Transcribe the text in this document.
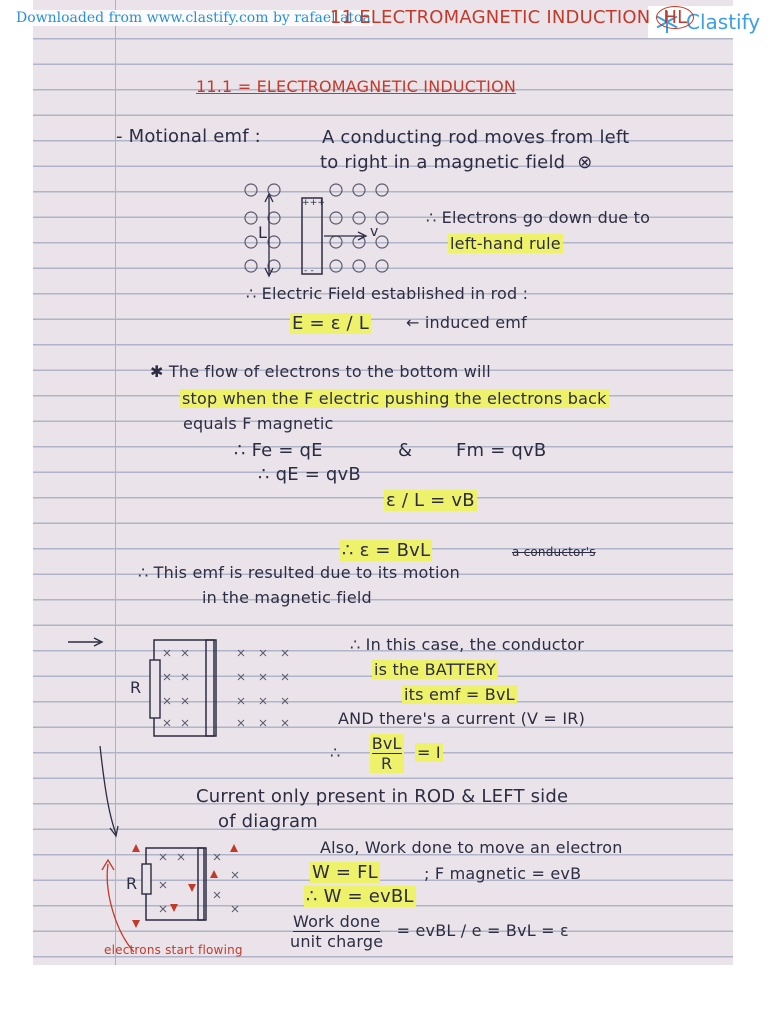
Downloaded from www.clastify.com by rafael atoa	Clastify
11 ELECTROMAGNETIC INDUCTION HL
11.1 = ELECTROMAGNETIC INDUCTION
- Motional emf :	A conducting rod moves from left
to right in a magnetic field ⊗
L	v
+++
- -
∴ Electrons go down due to
left-hand rule
∴ Electric Field established in rod :
E = ε / L ← induced emf
✱ The flow of electrons to the bottom will
stop when the F electric pushing the electrons back
equals F magnetic
∴ Fe = qE	& Fm = qvB
∴ qE = qvB
ε / L = vB
∴ ε = BvL	a conductor's
∴ This emf is resulted due to its motion
in the magnetic field
R
∴ In this case, the conductor
is the BATTERY
its emf = BvL
AND there's a current (V = IR)
∴ BvL
R
= I
Current only present in ROD & LEFT side
of diagram
R
Also, Work done to move an electron
W = FL	; F magnetic = evB
∴ W = evBL
Work done
unit charge
= evBL / e = BvL = ε
electrons start flowing
